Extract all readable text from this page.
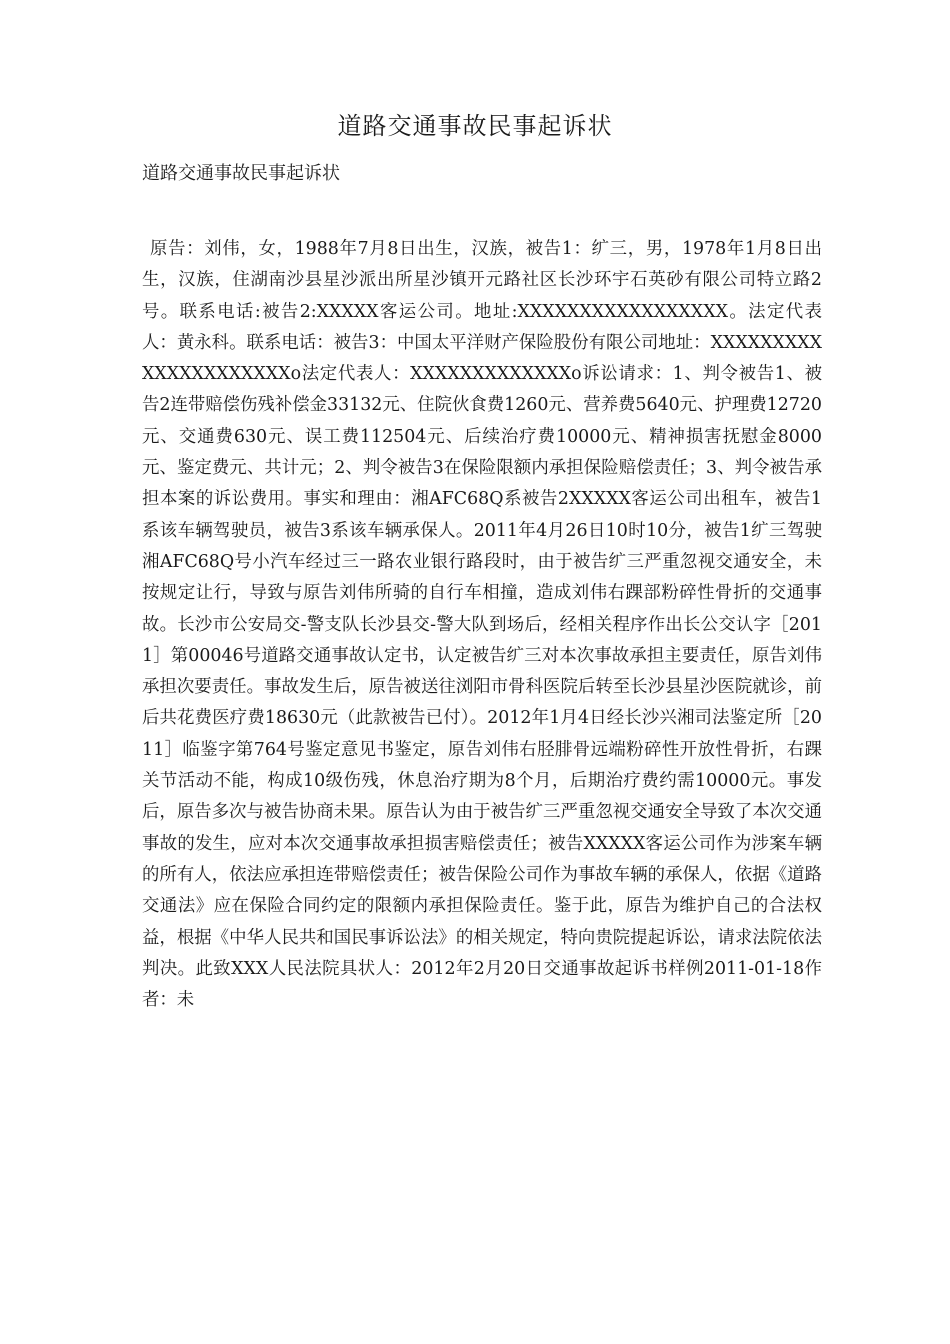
道路交通事故民事起诉状
道路交通事故民事起诉状
原告：刘伟，女，1988年7月8日出生，汉族，被告1：纩三，男，1978年1月8日出生，汉族，住湖南沙县星沙派出所星沙镇开元路社区长沙环宇石英砂有限公司特立路2号。联系电话:被告2:XXXXX客运公司。地址:XXXXXXXXXXXXXXXXX。法定代表人：黄永科。联系电话：被告3：中国太平洋财产保险股份有限公司地址：XXXXXXXXXXXXXXXXXXXXXo法定代表人：XXXXXXXXXXXXXo诉讼请求：1、判令被告1、被告2连带赔偿伤残补偿金33132元、住院伙食费1260元、营养费5640元、护理费12720元、交通费630元、误工费112504元、后续治疗费10000元、精神损害抚慰金8000元、鉴定费元、共计元；2、判令被告3在保险限额内承担保险赔偿责任；3、判令被告承担本案的诉讼费用。事实和理由：湘AFC68Q系被告2XXXXX客运公司出租车，被告1系该车辆驾驶员，被告3系该车辆承保人。2011年4月26日10时10分，被告1纩三驾驶湘AFC68Q号小汽车经过三一路农业银行路段时，由于被告纩三严重忽视交通安全，未按规定让行，导致与原告刘伟所骑的自行车相撞，造成刘伟右踝部粉碎性骨折的交通事故。长沙市公安局交-警支队长沙县交-警大队到场后，经相关程序作出长公交认字［2011］第00046号道路交通事故认定书，认定被告纩三对本次事故承担主要责任，原告刘伟承担次要责任。事故发生后，原告被送往浏阳市骨科医院后转至长沙县星沙医院就诊，前后共花费医疗费18630元（此款被告已付）。2012年1月4日经长沙兴湘司法鉴定所［2011］临鉴字第764号鉴定意见书鉴定，原告刘伟右胫腓骨远端粉碎性开放性骨折，右踝关节活动不能，构成10级伤残，休息治疗期为8个月，后期治疗费约需10000元。事发后，原告多次与被告协商未果。原告认为由于被告纩三严重忽视交通安全导致了本次交通事故的发生，应对本次交通事故承担损害赔偿责任；被告XXXXX客运公司作为涉案车辆的所有人，依法应承担连带赔偿责任；被告保险公司作为事故车辆的承保人，依据《道路交通法》应在保险合同约定的限额内承担保险责任。鉴于此，原告为维护自己的合法权益，根据《中华人民共和国民事诉讼法》的相关规定，特向贵院提起诉讼，请求法院依法判决。此致XXX人民法院具状人：2012年2月20日交通事故起诉书样例2011-01-18作者：未
